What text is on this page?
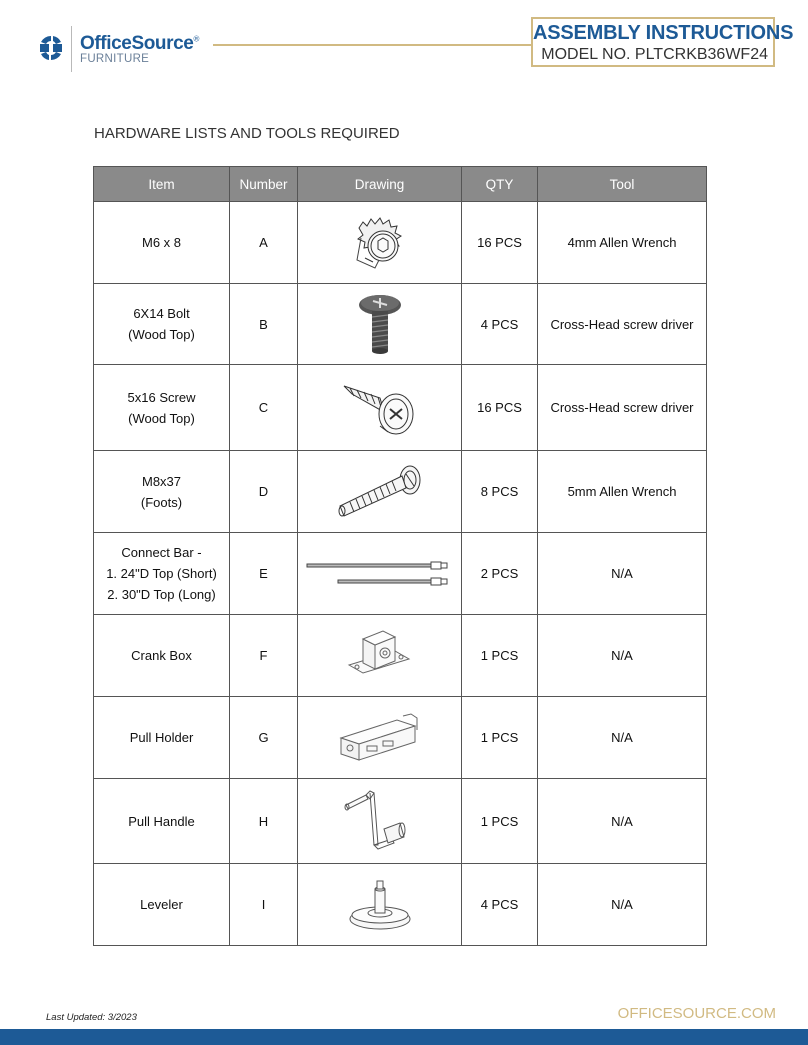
OfficeSource®
FURNITURE
ASSEMBLY INSTRUCTIONS
MODEL NO. PLTCRKB36WF24
HARDWARE LISTS AND TOOLS REQUIRED
Item	Number	Drawing	QTY	Tool

M6 x 8	A		16 PCS	4mm Allen Wrench

6X14 Bolt
(Wood Top)	B		4 PCS	Cross-Head screw driver

5x16 Screw
(Wood Top)	C		16 PCS	Cross-Head screw driver

M8x37
(Foots)	D		8 PCS	5mm Allen Wrench

Connect Bar -
1. 24"D Top (Short)
2. 30"D Top (Long)	E		2 PCS	N/A

Crank Box	F		1 PCS	N/A

Pull Holder	G		1 PCS	N/A

Pull Handle	H		1 PCS	N/A

Leveler	I		4 PCS	N/A
Last Updated: 3/2023	OFFICESOURCE.COM
